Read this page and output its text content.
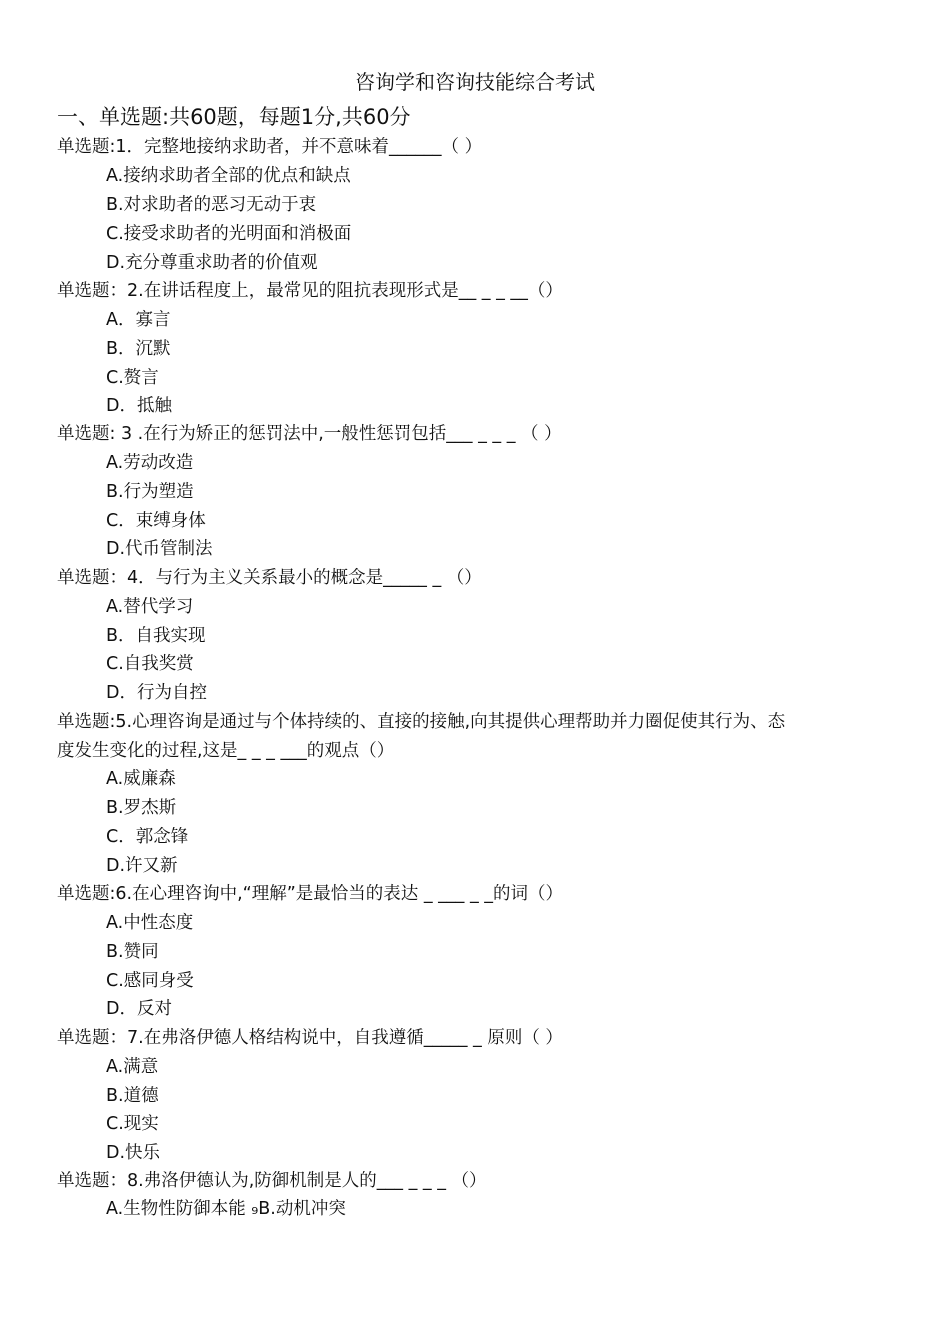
咨询学和咨询技能综合考试
一、单选题:共60题，每题1分,共60分
单选题:1．完整地接纳求助者，并不意味着______（ ）
A.接纳求助者全部的优点和缺点
B.对求助者的恶习无动于衷
C.接受求助者的光明面和消极面
D.充分尊重求助者的价值观
单选题：2.在讲话程度上，最常见的阻抗表现形式是__ _ _ __（）
A．寡言
B．沉默
C.赘言
D．抵触
单选题: 3 .在行为矫正的惩罚法中,一般性惩罚包括___ _ _ _ （ ）
A.劳动改造
B.行为塑造
C．束缚身体
D.代币管制法
单选题：4．与行为主义关系最小的概念是_____ _ （）
A.替代学习
B．自我实现
C.自我奖赏
D．行为自控
单选题:5.心理咨询是通过与个体持续的、直接的接触,向其提供心理帮助并力圈促使其行为、态
度发生变化的过程,这是_ _ _ ___的观点（）
A.威廉森
B.罗杰斯
C．郭念锋
D.许又新
单选题:6.在心理咨询中,“理解”是最恰当的表达 _ ___ _ _的词（）
A.中性态度
B.赞同
C.感同身受
D．反对
单选题：7.在弗洛伊德人格结构说中，自我遵循_____ _ 原则（ ）
A.满意
B.道德
C.现实
D.快乐
单选题：8.弗洛伊德认为,防御机制是人的___ _ _ _ （）
A.生物性防御本能 ₉B.动机冲突
